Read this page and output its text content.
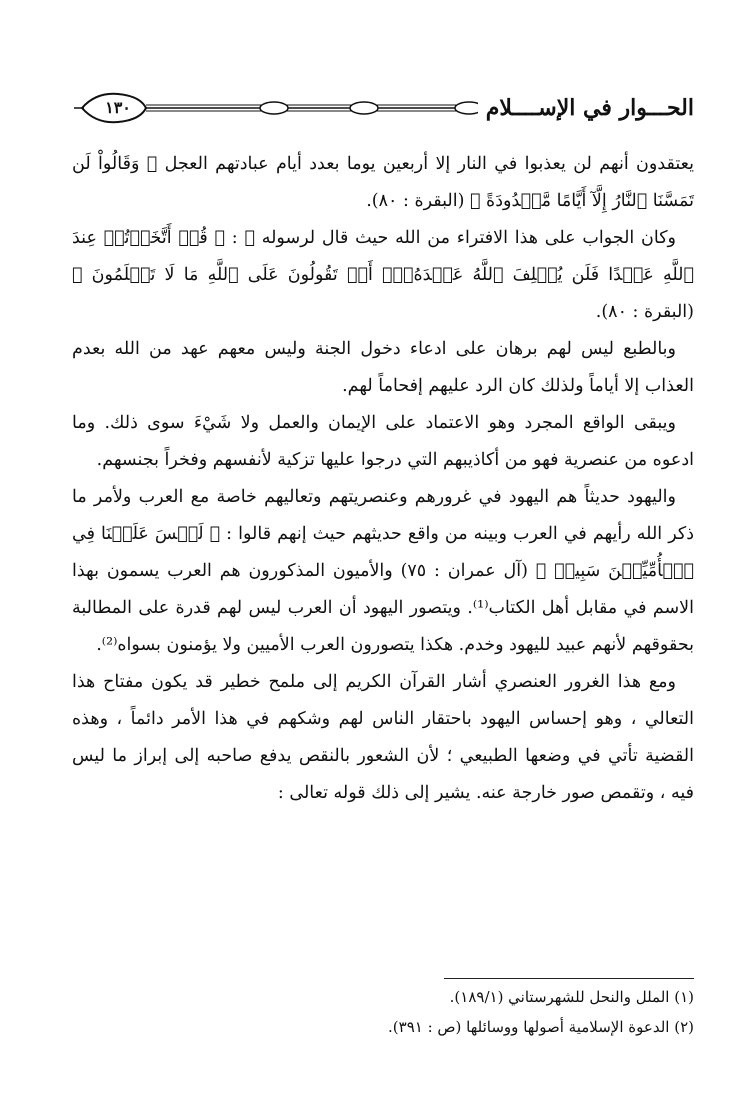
١٣٠	الحـــوار في الإســــلام

يعتقدون أنهم لن يعذبوا في النار إلا أربعين يوما بعدد أيام عبادتهم العجل ﴿ وَقَالُواْ لَن تَمَسَّنَا ٱلنَّارُ إِلَّآ أَيَّامًا مَّعۡدُودَةً ﴾ (البقرة : ٨٠).

وكان الجواب على هذا الافتراء من الله حيث قال لرسوله ﷺ : ﴿ قُلۡ أَتَّخَذۡتُمۡ عِندَ ٱللَّهِ عَهۡدًا فَلَن يُخۡلِفَ ٱللَّهُ عَهۡدَهُۥٓۖ أَمۡ تَقُولُونَ عَلَى ٱللَّهِ مَا لَا تَعۡلَمُونَ ﴾ (البقرة : ٨٠).

وبالطبع ليس لهم برهان على ادعاء دخول الجنة وليس معهم عهد من الله بعدم العذاب إلا أياماً ولذلك كان الرد عليهم إفحاماً لهم.

ويبقى الواقع المجرد وهو الاعتماد على الإيمان والعمل ولا شَيْءَ سوى ذلك. وما ادعوه من عنصرية فهو من أكاذيبهم التي درجوا عليها تزكية لأنفسهم وفخراً بجنسهم.

واليهود حديثاً هم اليهود في غرورهم وعنصريتهم وتعاليهم خاصة مع العرب ولأمر ما ذكر الله رأيهم في العرب وبينه من واقع حديثهم حيث إنهم قالوا : ﴿ لَيۡسَ عَلَيۡنَا فِي ٱلۡأُمِّيِّـۧنَ سَبِيلٞ ﴾ (آل عمران : ٧٥) والأميون المذكورون هم العرب يسمون بهذا الاسم في مقابل أهل الكتاب⁽¹⁾. ويتصور اليهود أن العرب ليس لهم قدرة على المطالبة بحقوقهم لأنهم عبيد لليهود وخدم. هكذا يتصورون العرب الأميين ولا يؤمنون بسواه⁽²⁾.

ومع هذا الغرور العنصري أشار القرآن الكريم إلى ملمح خطير قد يكون مفتاح هذا التعالي ، وهو إحساس اليهود باحتقار الناس لهم وشكهم في هذا الأمر دائماً ، وهذه القضية تأتي في وضعها الطبيعي ؛ لأن الشعور بالنقص يدفع صاحبه إلى إبراز ما ليس فيه ، وتقمص صور خارجة عنه. يشير إلى ذلك قوله تعالى :

(١) الملل والنحل للشهرستاني (١٨٩/١).

(٢) الدعوة الإسلامية أصولها ووسائلها (ص : ٣٩١).
